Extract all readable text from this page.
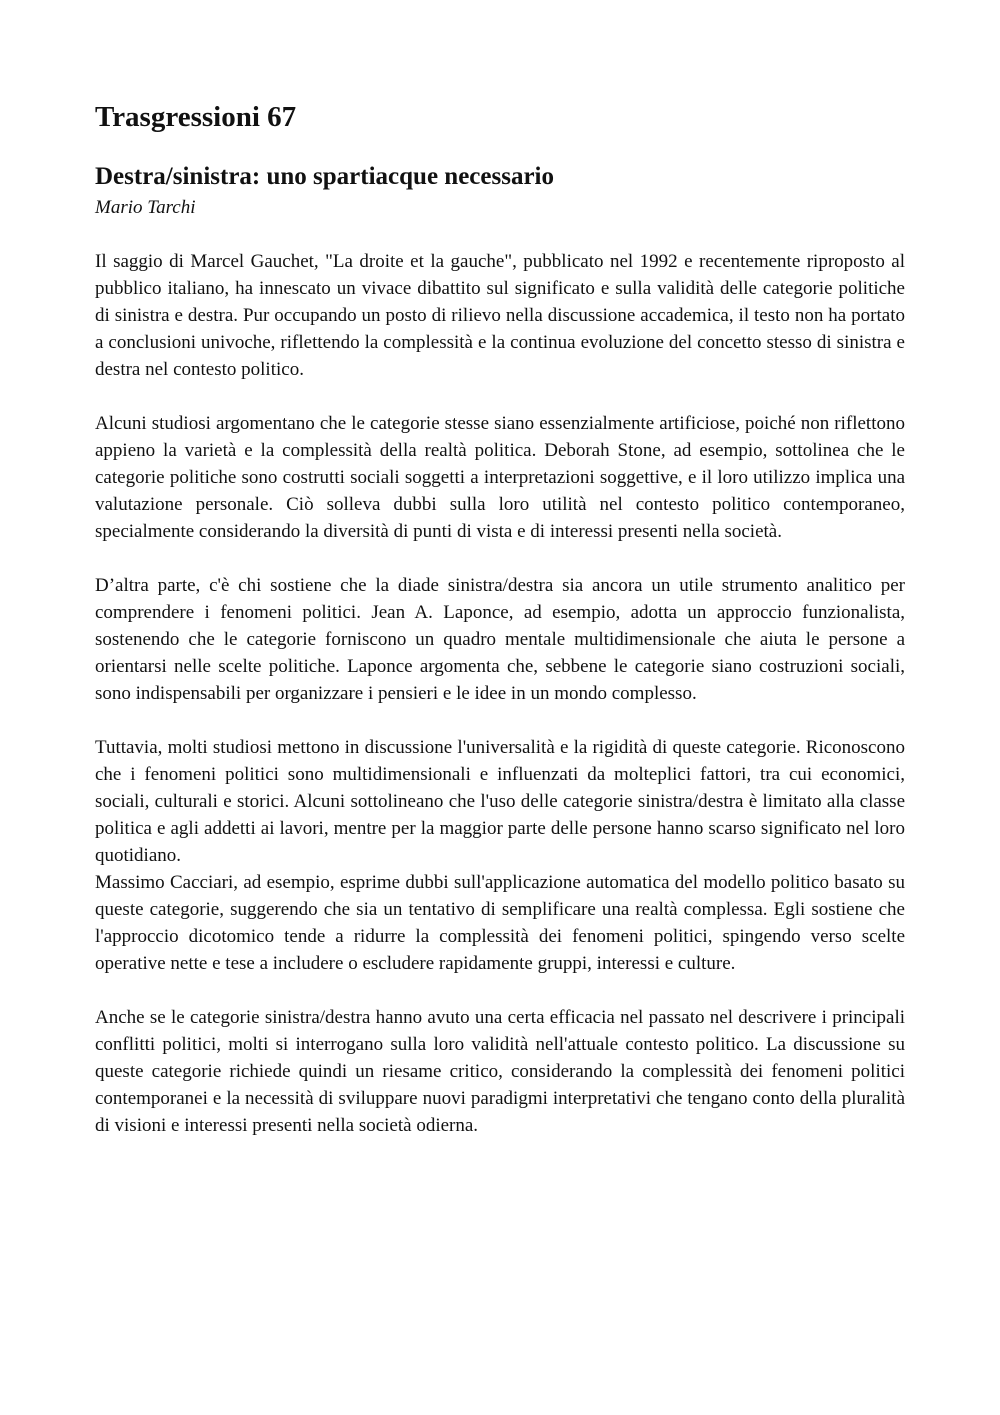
Trasgressioni 67
Destra/sinistra: uno spartiacque necessario

Mario Tarchi

Il saggio di Marcel Gauchet, "La droite et la gauche", pubblicato nel 1992 e recentemente riproposto al pubblico italiano, ha innescato un vivace dibattito sul significato e sulla validità delle categorie politiche di sinistra e destra. Pur occupando un posto di rilievo nella discussione accademica, il testo non ha portato a conclusioni univoche, riflettendo la complessità e la continua evoluzione del concetto stesso di sinistra e destra nel contesto politico.

Alcuni studiosi argomentano che le categorie stesse siano essenzialmente artificiose, poiché non riflettono appieno la varietà e la complessità della realtà politica. Deborah Stone, ad esempio, sottolinea che le categorie politiche sono costrutti sociali soggetti a interpretazioni soggettive, e il loro utilizzo implica una valutazione personale. Ciò solleva dubbi sulla loro utilità nel contesto politico contemporaneo, specialmente considerando la diversità di punti di vista e di interessi presenti nella società.

D’altra parte, c'è chi sostiene che la diade sinistra/destra sia ancora un utile strumento analitico per comprendere i fenomeni politici. Jean A. Laponce, ad esempio, adotta un approccio funzionalista, sostenendo che le categorie forniscono un quadro mentale multidimensionale che aiuta le persone a orientarsi nelle scelte politiche. Laponce argomenta che, sebbene le categorie siano costruzioni sociali, sono indispensabili per organizzare i pensieri e le idee in un mondo complesso.

Tuttavia, molti studiosi mettono in discussione l'universalità e la rigidità di queste categorie. Riconoscono che i fenomeni politici sono multidimensionali e influenzati da molteplici fattori, tra cui economici, sociali, culturali e storici. Alcuni sottolineano che l'uso delle categorie sinistra/destra è limitato alla classe politica e agli addetti ai lavori, mentre per la maggior parte delle persone hanno scarso significato nel loro quotidiano.

Massimo Cacciari, ad esempio, esprime dubbi sull'applicazione automatica del modello politico basato su queste categorie, suggerendo che sia un tentativo di semplificare una realtà complessa. Egli sostiene che l'approccio dicotomico tende a ridurre la complessità dei fenomeni politici, spingendo verso scelte operative nette e tese a includere o escludere rapidamente gruppi, interessi e culture.

Anche se le categorie sinistra/destra hanno avuto una certa efficacia nel passato nel descrivere i principali conflitti politici, molti si interrogano sulla loro validità nell'attuale contesto politico. La discussione su queste categorie richiede quindi un riesame critico, considerando la complessità dei fenomeni politici contemporanei e la necessità di sviluppare nuovi paradigmi interpretativi che tengano conto della pluralità di visioni e interessi presenti nella società odierna.
